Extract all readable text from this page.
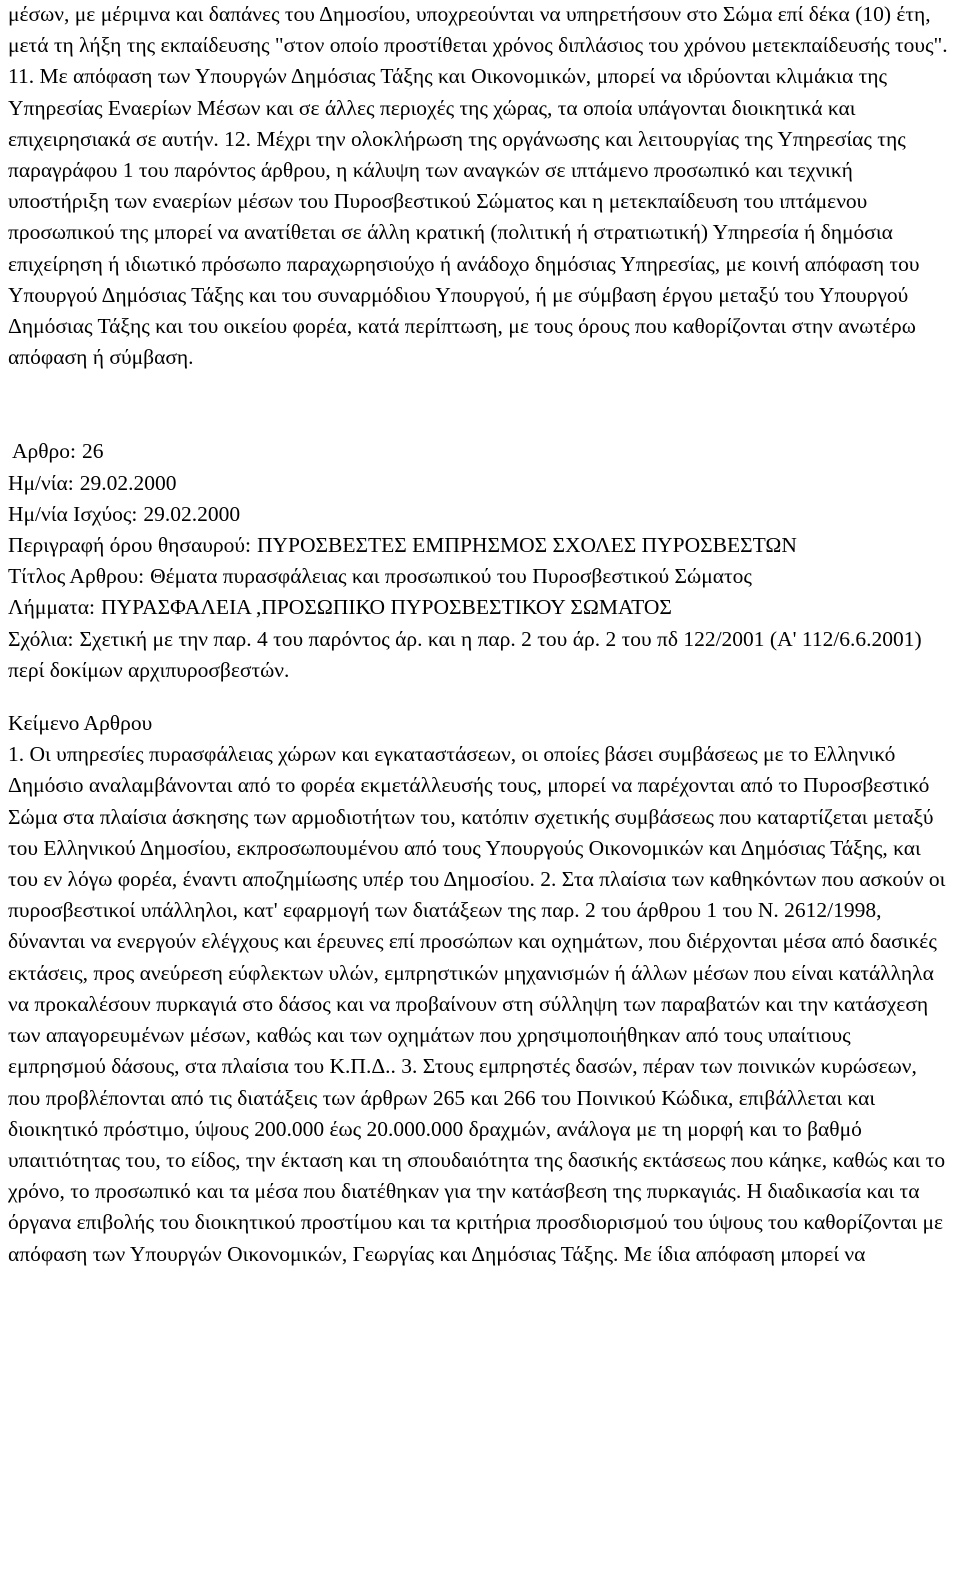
μέσων, με μέριμνα και δαπάνες του Δημοσίου, υποχρεούνται να υπηρετήσουν στο Σώμα επί δέκα (10) έτη, μετά τη λήξη της εκπαίδευσης "στον οποίο προστίθεται χρόνος διπλάσιος του χρόνου μετεκπαίδευσής τους". 11. Με απόφαση των Υπουργών Δημόσιας Τάξης και Οικονομικών, μπορεί να ιδρύονται κλιμάκια της Υπηρεσίας Εναερίων Μέσων και σε άλλες περιοχές της χώρας, τα οποία υπάγονται διοικητικά και επιχειρησιακά σε αυτήν. 12. Μέχρι την ολοκλήρωση της οργάνωσης και λειτουργίας της Υπηρεσίας της παραγράφου 1 του παρόντος άρθρου, η κάλυψη των αναγκών σε ιπτάμενο προσωπικό και τεχνική υποστήριξη των εναερίων μέσων του Πυροσβεστικού Σώματος και η μετεκπαίδευση του ιπτάμενου προσωπικού της μπορεί να ανατίθεται σε άλλη κρατική (πολιτική ή στρατιωτική) Υπηρεσία ή δημόσια επιχείρηση ή ιδιωτικό πρόσωπο παραχωρησιούχο ή ανάδοχο δημόσιας Υπηρεσίας, με κοινή απόφαση του Υπουργού Δημόσιας Τάξης και του συναρμόδιου Υπουργού, ή με σύμβαση έργου μεταξύ του Υπουργού Δημόσιας Τάξης και του οικείου φορέα, κατά περίπτωση, με τους όρους που καθορίζονται στην ανωτέρω απόφαση ή σύμβαση.

Αρθρο: 26
Ημ/νία: 29.02.2000
Ημ/νία Ισχύος: 29.02.2000
Περιγραφή όρου θησαυρού: ΠΥΡΟΣΒΕΣΤΕΣ ΕΜΠΡΗΣΜΟΣ ΣΧΟΛΕΣ ΠΥΡΟΣΒΕΣΤΩΝ
Τίτλος Αρθρου: Θέματα πυρασφάλειας και προσωπικού του Πυροσβεστικού Σώματος
Λήμματα: ΠΥΡΑΣΦΑΛΕΙΑ ,ΠΡΟΣΩΠΙΚΟ ΠΥΡΟΣΒΕΣΤΙΚΟΥ ΣΩΜΑΤΟΣ
Σχόλια: Σχετική με την παρ. 4 του παρόντος άρ. και η παρ. 2 του άρ. 2 του πδ 122/2001 (Α' 112/6.6.2001) περί δοκίμων αρχιπυροσβεστών.
Κείμενο Αρθρου

1. Οι υπηρεσίες πυρασφάλειας χώρων και εγκαταστάσεων, οι οποίες βάσει συμβάσεως με το Ελληνικό Δημόσιο αναλαμβάνονται από το φορέα εκμετάλλευσής τους, μπορεί να παρέχονται από το Πυροσβεστικό Σώμα στα πλαίσια άσκησης των αρμοδιοτήτων του, κατόπιν σχετικής συμβάσεως που καταρτίζεται μεταξύ του Ελληνικού Δημοσίου, εκπροσωπουμένου από τους Υπουργούς Οικονομικών και Δημόσιας Τάξης, και του εν λόγω φορέα, έναντι αποζημίωσης υπέρ του Δημοσίου. 2. Στα πλαίσια των καθηκόντων που ασκούν οι πυροσβεστικοί υπάλληλοι, κατ' εφαρμογή των διατάξεων της παρ. 2 του άρθρου 1 του Ν. 2612/1998, δύνανται να ενεργούν ελέγχους και έρευνες επί προσώπων και οχημάτων, που διέρχονται μέσα από δασικές εκτάσεις, προς ανεύρεση εύφλεκτων υλών, εμπρηστικών μηχανισμών ή άλλων μέσων που είναι κατάλληλα να προκαλέσουν πυρκαγιά στο δάσος και να προβαίνουν στη σύλληψη των παραβατών και την κατάσχεση των απαγορευμένων μέσων, καθώς και των οχημάτων που χρησιμοποιήθηκαν από τους υπαίτιους εμπρησμού δάσους, στα πλαίσια του Κ.Π.Δ.. 3. Στους εμπρηστές δασών, πέραν των ποινικών κυρώσεων, που προβλέπονται από τις διατάξεις των άρθρων 265 και 266 του Ποινικού Κώδικα, επιβάλλεται και διοικητικό πρόστιμο, ύψους 200.000 έως 20.000.000 δραχμών, ανάλογα με τη μορφή και το βαθμό υπαιτιότητας του, το είδος, την έκταση και τη σπουδαιότητα της δασικής εκτάσεως που κάηκε, καθώς και το χρόνο, το προσωπικό και τα μέσα που διατέθηκαν για την κατάσβεση της πυρκαγιάς. Η διαδικασία και τα όργανα επιβολής του διοικητικού προστίμου και τα κριτήρια προσδιορισμού του ύψους του καθορίζονται με απόφαση των Υπουργών Οικονομικών, Γεωργίας και Δημόσιας Τάξης. Με ίδια απόφαση μπορεί να
